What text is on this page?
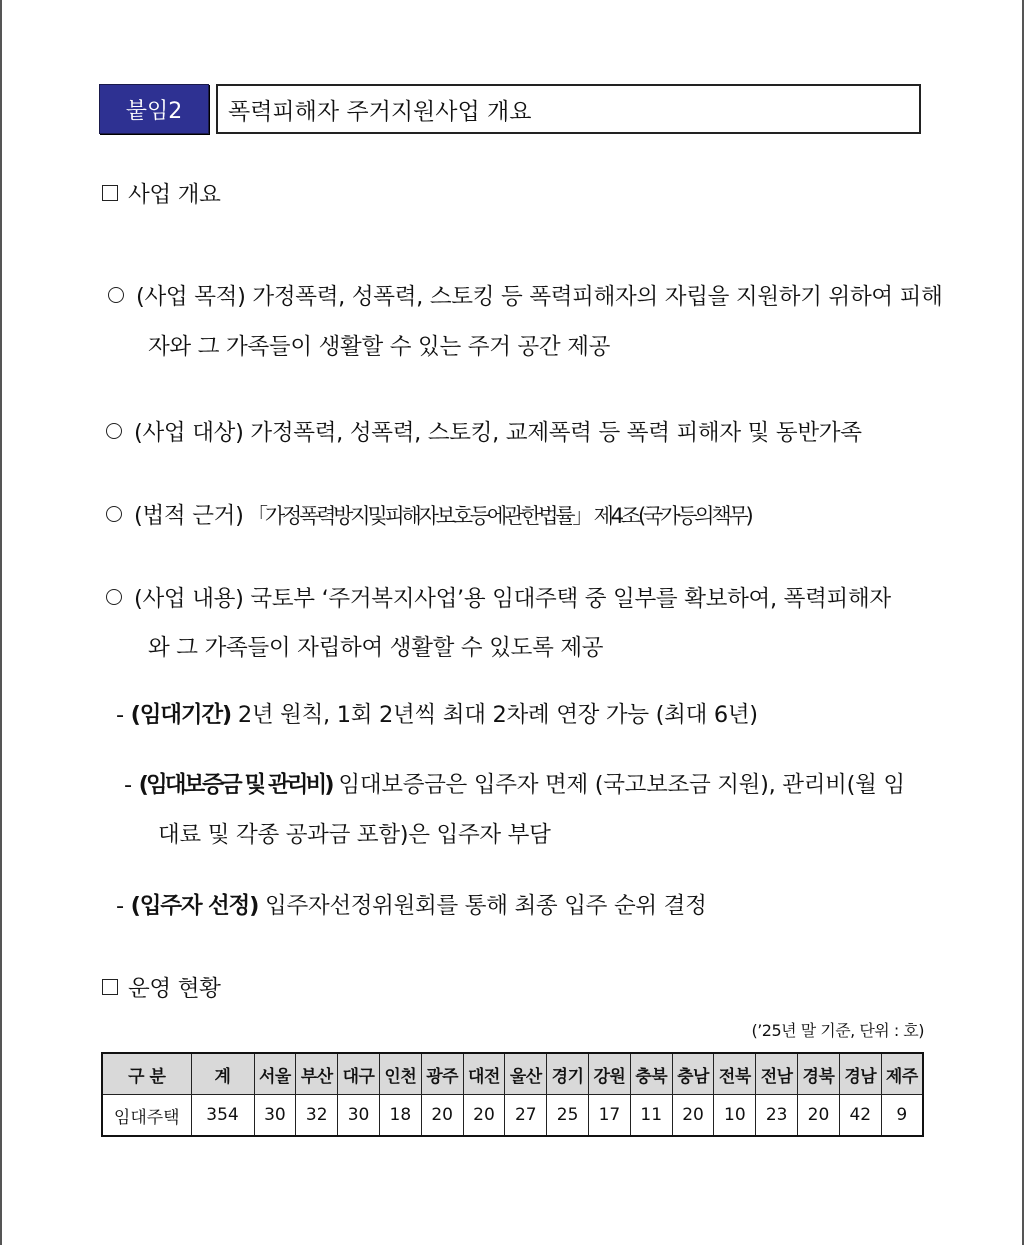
붙임2	폭력피해자 주거지원사업 개요
사업 개요
(사업 목적) 가정폭력, 성폭력, 스토킹 등 폭력피해자의 자립을 지원하기 위하여 피해
자와 그 가족들이 생활할 수 있는 주거 공간 제공
(사업 대상) 가정폭력, 성폭력, 스토킹, 교제폭력 등 폭력 피해자 및 동반가족
(법적 근거) 「가정폭력방지및피해자보호등에관한법률」 제4조(국가등의책무)
(사업 내용) 국토부 ‘주거복지사업’용 임대주택 중 일부를 확보하여, 폭력피해자
와 그 가족들이 자립하여 생활할 수 있도록 제공
- (임대기간) 2년 원칙, 1회 2년씩 최대 2차례 연장 가능 (최대 6년)
- (임대보증금 및 관리비) 임대보증금은 입주자 면제 (국고보조금 지원), 관리비(월 임
대료 및 각종 공과금 포함)은 입주자 부담
- (입주자 선정) 입주자선정위원회를 통해 최종 입주 순위 결정
운영 현황
(’25년 말 기준, 단위 : 호)
구 분	계	서울	부산	대구	인천	광주	대전	울산	경기	강원	충북	충남	전북	전남	경북	경남	제주
임대주택	354	30	32	30	18	20	20	27	25	17	11	20	10	23	20	42	9
